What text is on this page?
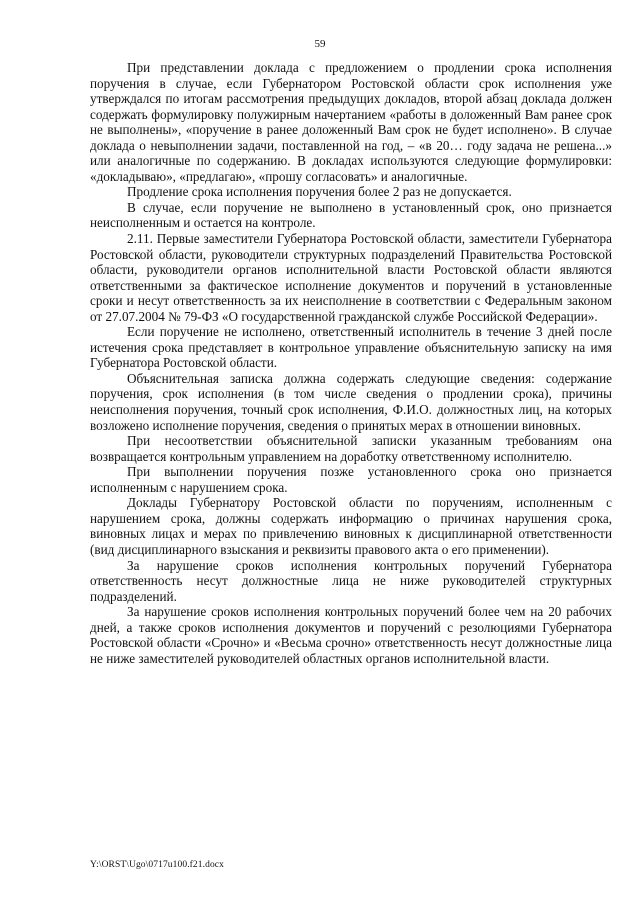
59

При представлении доклада с предложением о продлении срока исполнения поручения в случае, если Губернатором Ростовской области срок исполнения уже утверждался по итогам рассмотрения предыдущих докладов, второй абзац доклада должен содержать формулировку полужирным начертанием «работы в доложенный Вам ранее срок не выполнены», «поручение в ранее доложенный Вам срок не будет исполнено». В случае доклада о невыполнении задачи, поставленной на год, – «в 20… году задача не решена...» или аналогичные по содержанию. В докладах используются следующие формулировки: «докладываю», «предлагаю», «прошу согласовать» и аналогичные.

Продление срока исполнения поручения более 2 раз не допускается.

В случае, если поручение не выполнено в установленный срок, оно признается неисполненным и остается на контроле.

2.11. Первые заместители Губернатора Ростовской области, заместители Губернатора Ростовской области, руководители структурных подразделений Правительства Ростовской области, руководители органов исполнительной власти Ростовской области являются ответственными за фактическое исполнение документов и поручений в установленные сроки и несут ответственность за их неисполнение в соответствии с Федеральным законом от 27.07.2004 № 79-ФЗ «О государственной гражданской службе Российской Федерации».

Если поручение не исполнено, ответственный исполнитель в течение 3 дней после истечения срока представляет в контрольное управление объяснительную записку на имя Губернатора Ростовской области.

Объяснительная записка должна содержать следующие сведения: содержание поручения, срок исполнения (в том числе сведения о продлении срока), причины неисполнения поручения, точный срок исполнения, Ф.И.О. должностных лиц, на которых возложено исполнение поручения, сведения о принятых мерах в отношении виновных.

При несоответствии объяснительной записки указанным требованиям она возвращается контрольным управлением на доработку ответственному исполнителю.

При выполнении поручения позже установленного срока оно признается исполненным с нарушением срока.

Доклады Губернатору Ростовской области по поручениям, исполненным с нарушением срока, должны содержать информацию о причинах нарушения срока, виновных лицах и мерах по привлечению виновных к дисциплинарной ответственности (вид дисциплинарного взыскания и реквизиты правового акта о его применении).

За нарушение сроков исполнения контрольных поручений Губернатора ответственность несут должностные лица не ниже руководителей структурных подразделений.

За нарушение сроков исполнения контрольных поручений более чем на 20 рабочих дней, а также сроков исполнения документов и поручений с резолюциями Губернатора Ростовской области «Срочно» и «Весьма срочно» ответственность несут должностные лица не ниже заместителей руководителей областных органов исполнительной власти.

Y:\ORST\Ugo\0717u100.f21.docx
